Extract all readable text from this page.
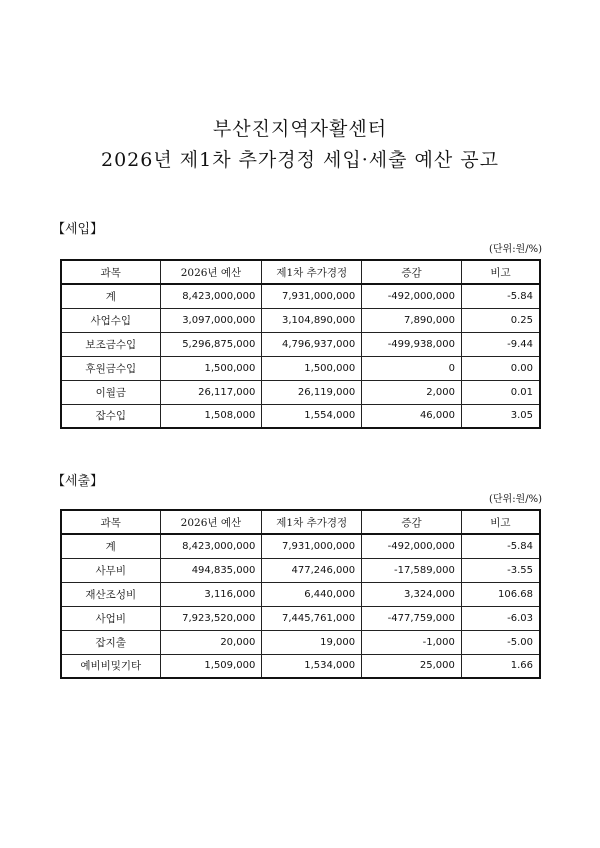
부산진지역자활센터
2026년 제1차 추가경정 세입·세출 예산 공고
【세입】
(단위:원/%)
과목	2026년 예산	제1차 추가경정	증감	비고
계	8,423,000,000	7,931,000,000	-492,000,000	-5.84
사업수입	3,097,000,000	3,104,890,000	7,890,000	0.25
보조금수입	5,296,875,000	4,796,937,000	-499,938,000	-9.44
후원금수입	1,500,000	1,500,000	0	0.00
이월금	26,117,000	26,119,000	2,000	0.01
잡수입	1,508,000	1,554,000	46,000	3.05
【세출】
(단위:원/%)
과목	2026년 예산	제1차 추가경정	증감	비고
계	8,423,000,000	7,931,000,000	-492,000,000	-5.84
사무비	494,835,000	477,246,000	-17,589,000	-3.55
재산조성비	3,116,000	6,440,000	3,324,000	106.68
사업비	7,923,520,000	7,445,761,000	-477,759,000	-6.03
잡지출	20,000	19,000	-1,000	-5.00
예비비및기타	1,509,000	1,534,000	25,000	1.66
